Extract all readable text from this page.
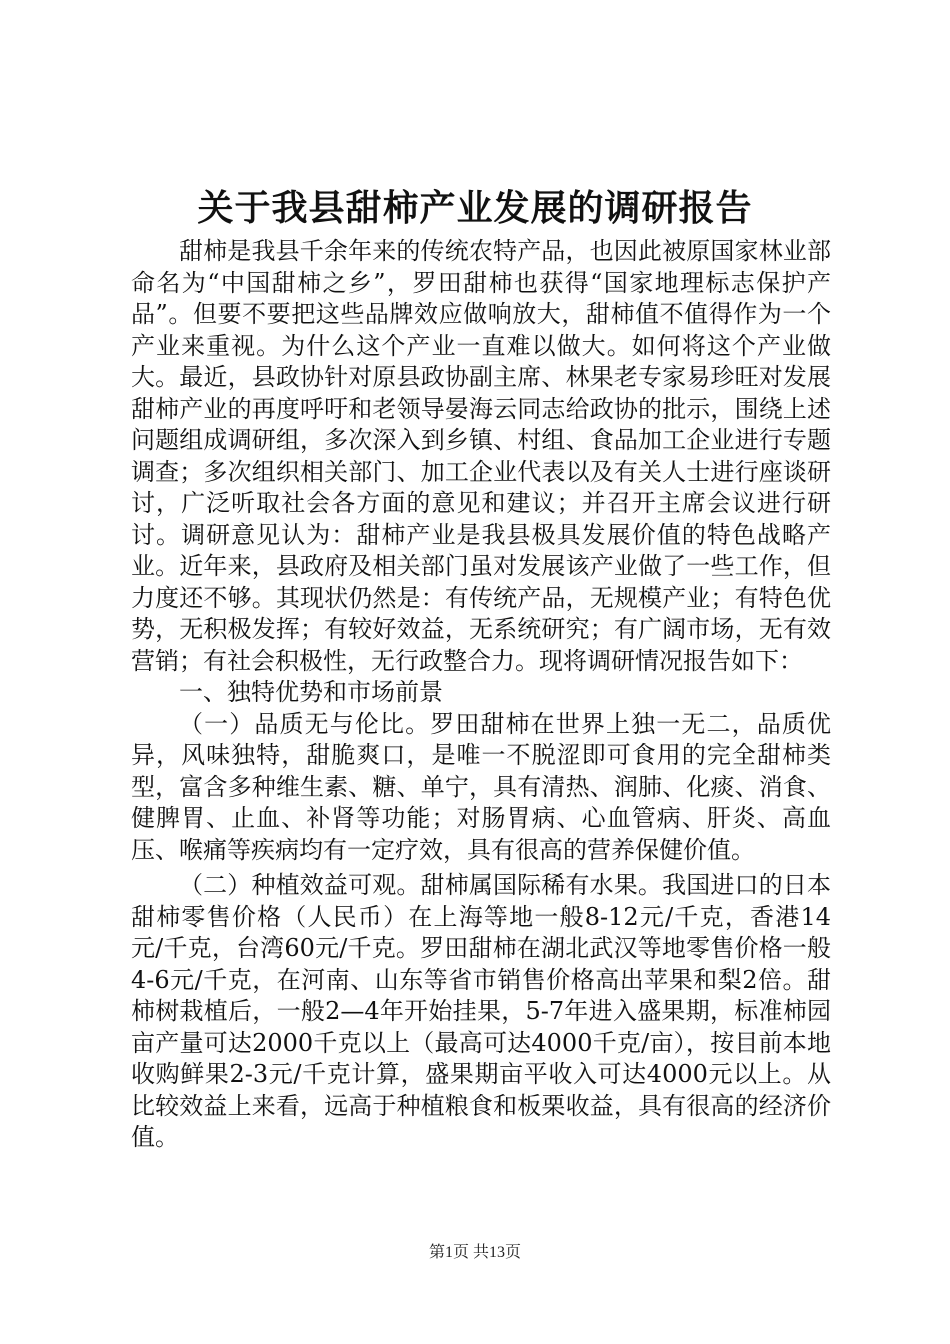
关于我县甜柿产业发展的调研报告

甜柿是我县千余年来的传统农特产品，也因此被原国家林业部命名为“中国甜柿之乡”，罗田甜柿也获得“国家地理标志保护产品”。但要不要把这些品牌效应做响放大，甜柿值不值得作为一个产业来重视。为什么这个产业一直难以做大。如何将这个产业做大。最近，县政协针对原县政协副主席、林果老专家易珍旺对发展甜柿产业的再度呼吁和老领导晏海云同志给政协的批示，围绕上述问题组成调研组，多次深入到乡镇、村组、食品加工企业进行专题调查；多次组织相关部门、加工企业代表以及有关人士进行座谈研讨，广泛听取社会各方面的意见和建议；并召开主席会议进行研讨。调研意见认为：甜柿产业是我县极具发展价值的特色战略产业。近年来，县政府及相关部门虽对发展该产业做了一些工作，但力度还不够。其现状仍然是：有传统产品，无规模产业；有特色优势，无积极发挥；有较好效益，无系统研究；有广阔市场，无有效营销；有社会积极性，无行政整合力。现将调研情况报告如下：

一、独特优势和市场前景

（一）品质无与伦比。罗田甜柿在世界上独一无二，品质优异，风味独特，甜脆爽口，是唯一不脱涩即可食用的完全甜柿类型，富含多种维生素、糖、单宁，具有清热、润肺、化痰、消食、健脾胃、止血、补肾等功能；对肠胃病、心血管病、肝炎、高血压、喉痛等疾病均有一定疗效，具有很高的营养保健价值。

（二）种植效益可观。甜柿属国际稀有水果。我国进口的日本甜柿零售价格（人民币）在上海等地一般8-12元/千克，香港14元/千克，台湾60元/千克。罗田甜柿在湖北武汉等地零售价格一般4-6元/千克，在河南、山东等省市销售价格高出苹果和梨2倍。甜柿树栽植后，一般2—4年开始挂果，5-7年进入盛果期，标准柿园亩产量可达2000千克以上（最高可达4000千克/亩），按目前本地收购鲜果2-3元/千克计算，盛果期亩平收入可达4000元以上。从比较效益上来看，远高于种植粮食和板栗收益，具有很高的经济价值。

第1页 共13页
